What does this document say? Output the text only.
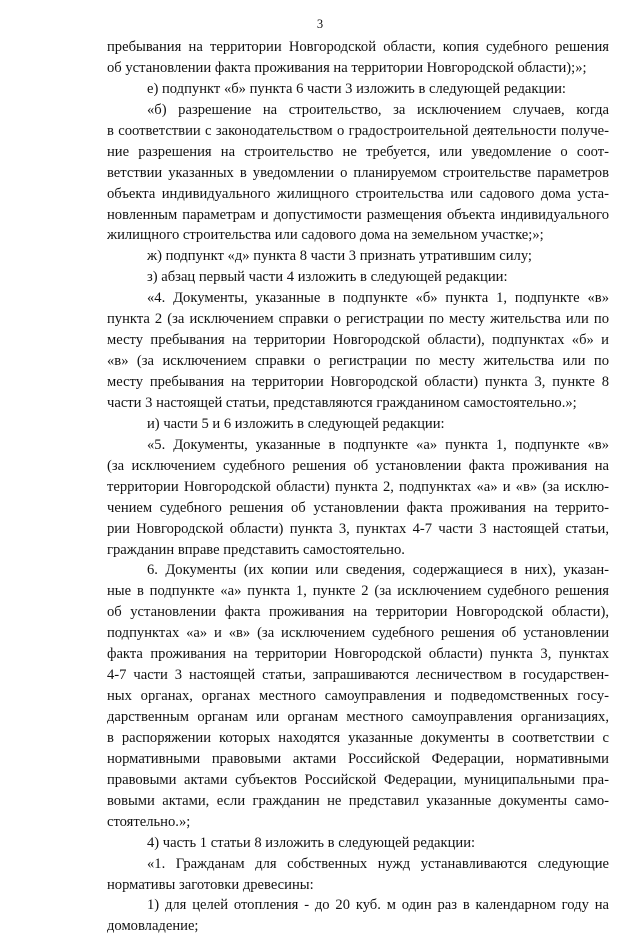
3
пребывания на территории Новгородской области, копия судебного решения
об установлении факта проживания на территории Новгородской области);»;
е) подпункт «б» пункта 6 части 3 изложить в следующей редакции:
«б) разрешение на строительство, за исключением случаев, когда
в соответствии с законодательством о градостроительной деятельности получе-
ние разрешения на строительство не требуется, или уведомление о соот-
ветствии указанных в уведомлении о планируемом строительстве параметров
объекта индивидуального жилищного строительства или садового дома уста-
новленным параметрам и допустимости размещения объекта индивидуального
жилищного строительства или садового дома на земельном участке;»;
ж) подпункт «д» пункта 8 части 3 признать утратившим силу;
з) абзац первый части 4 изложить в следующей редакции:
«4. Документы, указанные в подпункте «б» пункта 1, подпункте «в»
пункта 2 (за исключением справки о регистрации по месту жительства или по
месту пребывания на территории Новгородской области), подпунктах «б» и
«в» (за исключением справки о регистрации по месту жительства или по
месту пребывания на территории Новгородской области) пункта 3, пункте 8
части 3 настоящей статьи, представляются гражданином самостоятельно.»;
и) части 5 и 6 изложить в следующей редакции:
«5. Документы, указанные в подпункте «а» пункта 1, подпункте «в»
(за исключением судебного решения об установлении факта проживания на
территории Новгородской области) пункта 2, подпунктах «а» и «в» (за исклю-
чением судебного решения об установлении факта проживания на террито-
рии Новгородской области) пункта 3, пунктах 4-7 части 3 настоящей статьи,
гражданин вправе представить самостоятельно.
6. Документы (их копии или сведения, содержащиеся в них), указан-
ные в подпункте «а» пункта 1, пункте 2 (за исключением судебного решения
об установлении факта проживания на территории Новгородской области),
подпунктах «а» и «в» (за исключением судебного решения об установлении
факта проживания на территории Новгородской области) пункта 3, пунктах
4-7 части 3 настоящей статьи, запрашиваются лесничеством в государствен-
ных органах, органах местного самоуправления и подведомственных госу-
дарственным органам или органам местного самоуправления организациях,
в распоряжении которых находятся указанные документы в соответствии с
нормативными правовыми актами Российской Федерации, нормативными
правовыми актами субъектов Российской Федерации, муниципальными пра-
вовыми актами, если гражданин не представил указанные документы само-
стоятельно.»;
4) часть 1 статьи 8 изложить в следующей редакции:
«1. Гражданам для собственных нужд устанавливаются следующие
нормативы заготовки древесины:
1) для целей отопления - до 20 куб. м один раз в календарном году на
домовладение;
